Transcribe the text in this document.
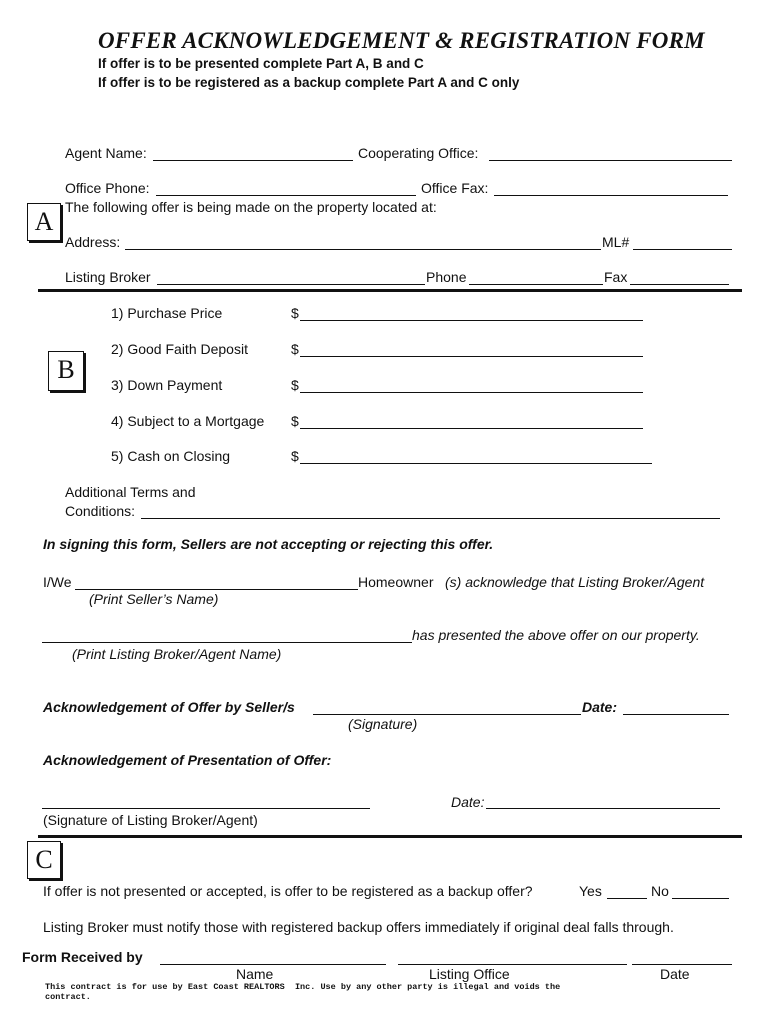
OFFER ACKNOWLEDGEMENT & REGISTRATION FORM
If offer is to be presented complete Part A, B and C
If offer is to be registered as a backup complete Part A and C only
A
Agent Name:	Cooperating Office:
Office Phone:	Office Fax:
The following offer is being made on the property located at:
Address:	ML#
Listing Broker	Phone	Fax
B
1) Purchase Price	$
2) Good Faith Deposit	$
3) Down Payment	$
4) Subject to a Mortgage $
5) Cash on Closing	$
Additional Terms and
Conditions:
In signing this form, Sellers are not accepting or rejecting this offer.
I/We	Homeowner (s) acknowledge that Listing Broker/Agent
(Print Seller’s Name)
has presented the above offer on our property.
(Print Listing Broker/Agent Name)
Acknowledgement of Offer by Seller/s	Date:
(Signature)
Acknowledgement of Presentation of Offer:
Date:
(Signature of Listing Broker/Agent)
C
If offer is not presented or accepted, is offer to be registered as a backup offer?	Yes	No
Listing Broker must notify those with registered backup offers immediately if original deal falls through.
Form Received by
Name	Listing Office	Date
This contract is for use by East Coast REALTORS  Inc. Use by any other party is illegal and voids the
contract.
